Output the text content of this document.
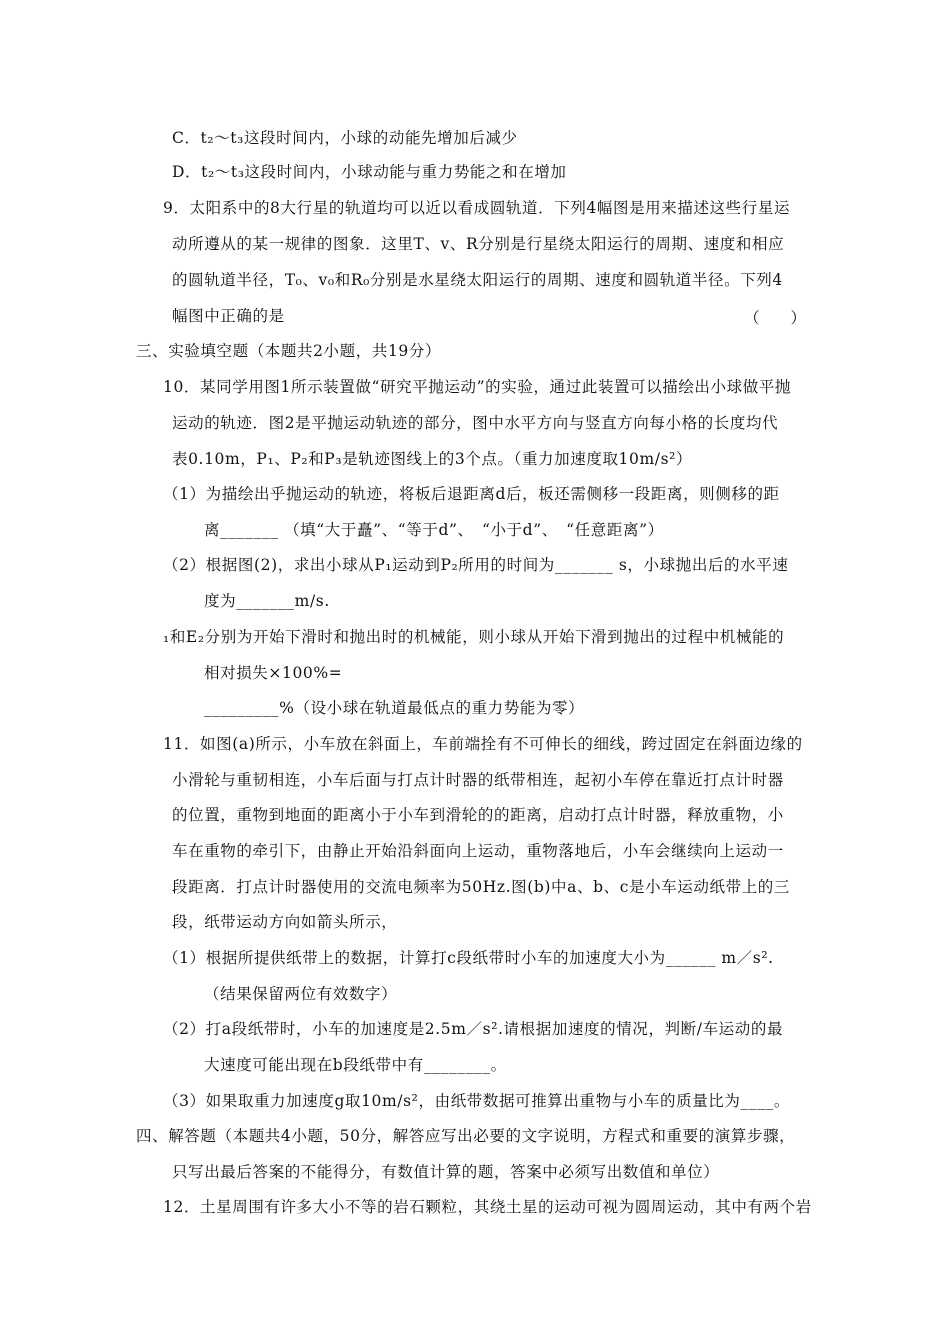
C．t₂～t₃这段时间内，小球的动能先增加后减少
D．t₂～t₃这段时间内，小球动能与重力势能之和在增加
9．太阳系中的8大行星的轨道均可以近以看成圆轨道．下列4幅图是用来描述这些行星运
动所遵从的某一规律的图象．这里T、v、R分别是行星绕太阳运行的周期、速度和相应
的圆轨道半径，T₀、v₀和R₀分别是水星绕太阳运行的周期、速度和圆轨道半径。下列4
幅图中正确的是	（　　）
三、实验填空题（本题共2小题，共19分）
10．某同学用图1所示装置做“研究平抛运动”的实验，通过此装置可以描绘出小球做平抛
运动的轨迹．图2是平抛运动轨迹的部分，图中水平方向与竖直方向每小格的长度均代
表0.10m，P₁、P₂和P₃是轨迹图线上的3个点。（重力加速度取10m/s²）
（1）为描绘出乎抛运动的轨迹，将板后退距离d后，板还需侧移一段距离，则侧移的距
离_______ （填“大于矗”、“等于d”、　“小于d”、　“任意距离”）
（2）根据图(2)，求出小球从P₁运动到P₂所用的时间为_______ s，小球抛出后的水平速
度为_______m/s.
₁和E₂分别为开始下滑时和抛出时的机械能，则小球从开始下滑到抛出的过程中机械能的
相对损失×100%=
_________%（设小球在轨道最低点的重力势能为零）
11．如图(a)所示，小车放在斜面上，车前端拴有不可伸长的细线，跨过固定在斜面边缘的
小滑轮与重韧相连，小车后面与打点计时器的纸带相连，起初小车停在靠近打点计时器
的位置，重物到地面的距离小于小车到滑轮的的距离，启动打点计时器，释放重物，小
车在重物的牵引下，由静止开始沿斜面向上运动，重物落地后，小车会继续向上运动一
段距离．打点计时器使用的交流电频率为50Hz.图(b)中a、b、c是小车运动纸带上的三
段，纸带运动方向如箭头所示，
（1）根据所提供纸带上的数据，计算打c段纸带时小车的加速度大小为______ m／s².
（结果保留两位有效数字）
（2）打a段纸带时，小车的加速度是2.5m／s².请根据加速度的情况，判断/车运动的最
大速度可能出现在b段纸带中有________。
（3）如果取重力加速度g取10m/s²，由纸带数据可推算出重物与小车的质量比为____。
四、解答题（本题共4小题，50分，解答应写出必要的文字说明，方程式和重要的演算步骤，
只写出最后答案的不能得分，有数值计算的题，答案中必须写出数值和单位）
12．土星周围有许多大小不等的岩石颗粒，其绕土星的运动可视为圆周运动，其中有两个岩
